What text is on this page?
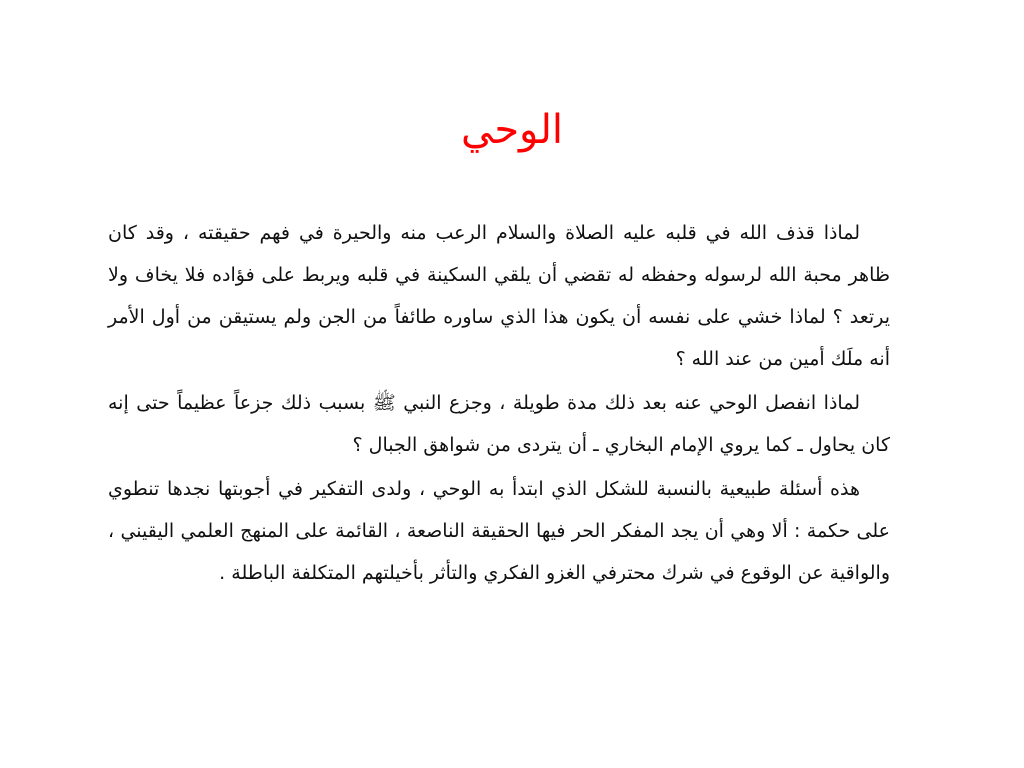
الوحي

لماذا قذف الله في قلبه عليه الصلاة والسلام الرعب منه والحيرة في فهم حقيقته ، وقد كان ظاهر محبة الله لرسوله وحفظه له تقضي أن يلقي السكينة في قلبه ويربط على فؤاده فلا يخاف ولا يرتعد ؟ لماذا خشي على نفسه أن يكون هذا الذي ساوره طائفاً من الجن ولم يستيقن من أول الأمر أنه ملَك أمين من عند الله ؟

لماذا انفصل الوحي عنه بعد ذلك مدة طويلة ، وجزع النبي ﷺ بسبب ذلك جزعاً عظيماً حتى إنه كان يحاول ـ كما يروي الإمام البخاري ـ أن يتردى من شواهق الجبال ؟

هذه أسئلة طبيعية بالنسبة للشكل الذي ابتدأ به الوحي ، ولدى التفكير في أجوبتها نجدها تنطوي على حكمة : ألا وهي أن يجد المفكر الحر فيها الحقيقة الناصعة ، القائمة على المنهج العلمي اليقيني ، والواقية عن الوقوع في شرك محترفي الغزو الفكري والتأثر بأخيلتهم المتكلفة الباطلة .
